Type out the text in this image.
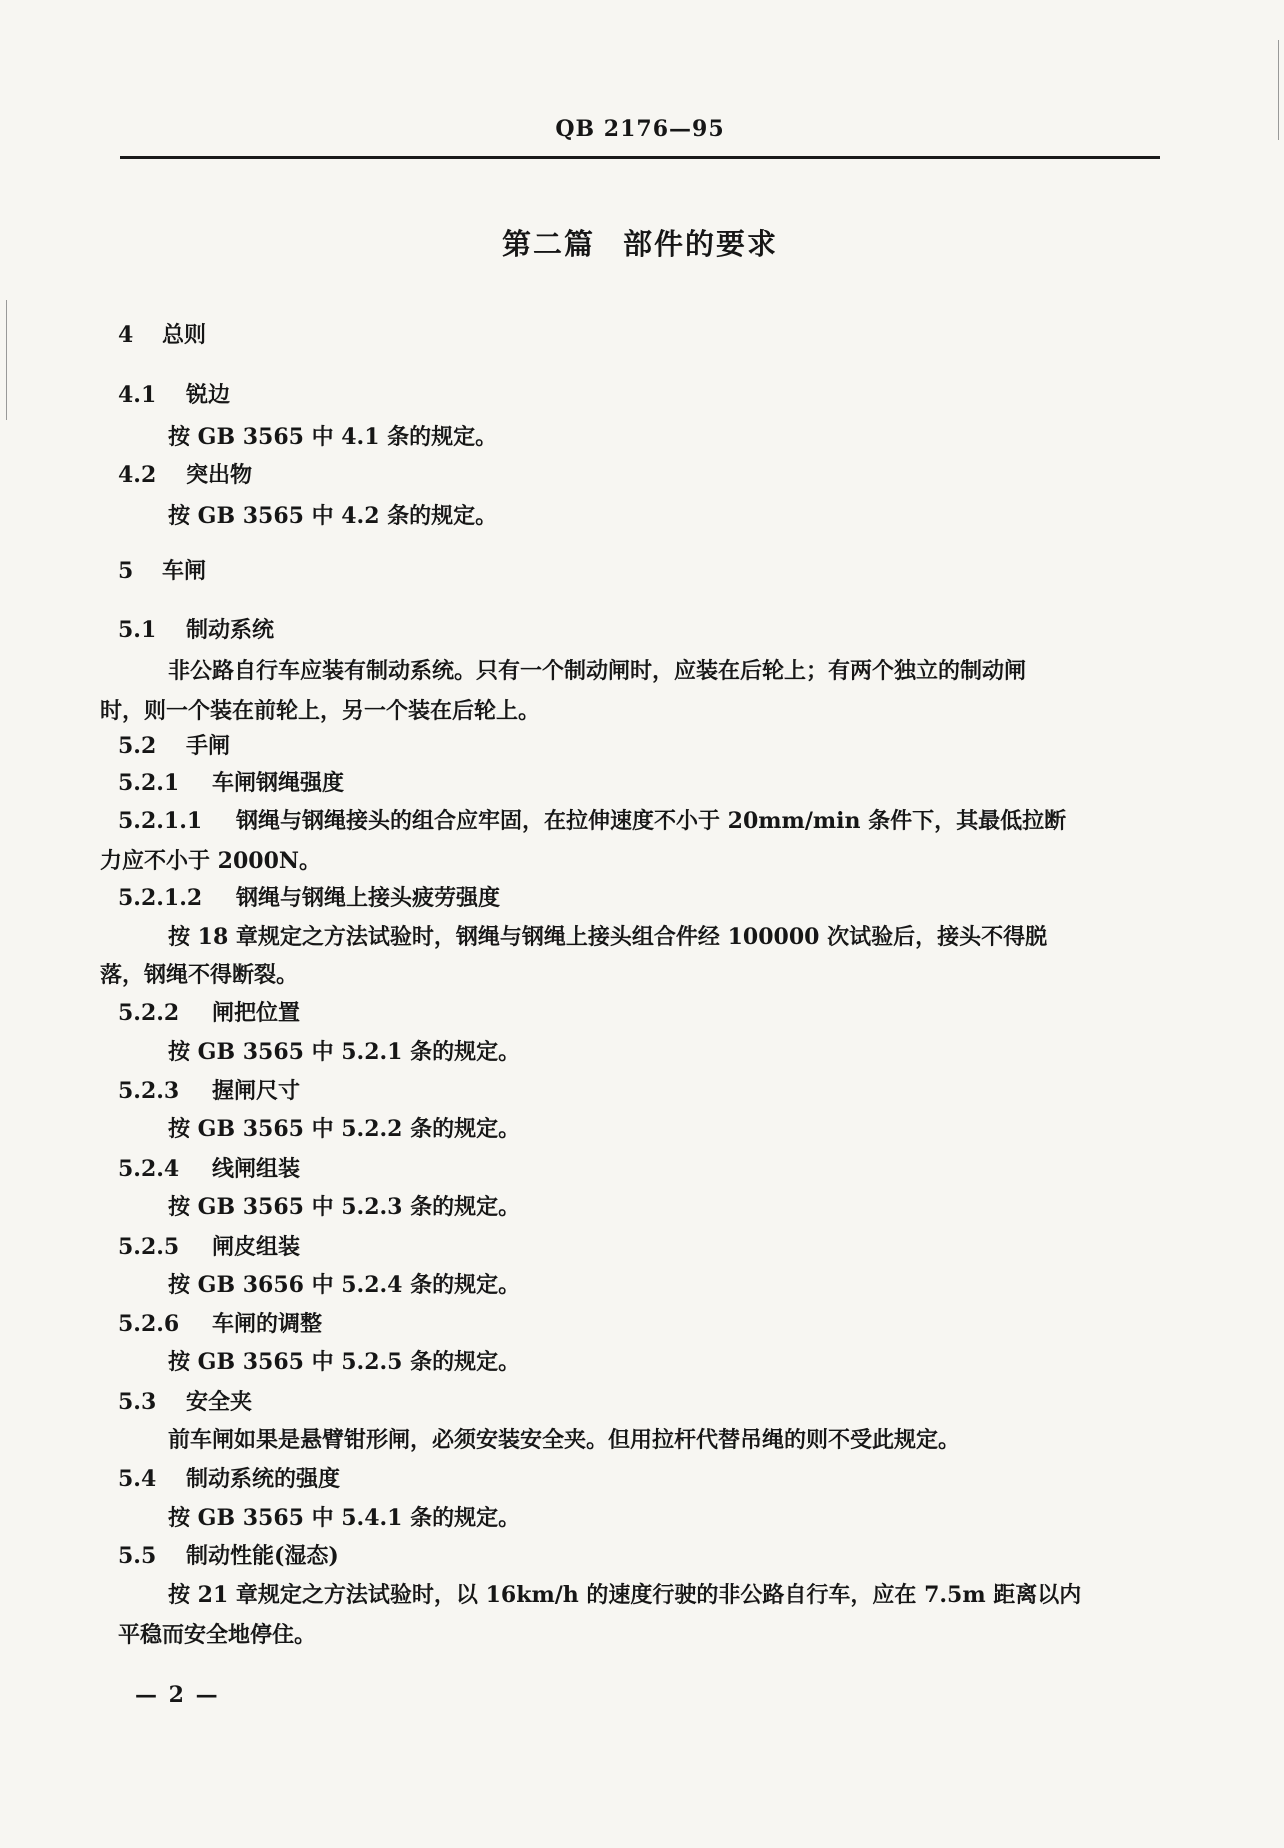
QB 2176—95
第二篇 部件的要求
4 总则
4.1 锐边
按 GB 3565 中 4.1 条的规定。
4.2 突出物
按 GB 3565 中 4.2 条的规定。
5 车闸
5.1 制动系统
非公路自行车应装有制动系统。只有一个制动闸时，应装在后轮上；有两个独立的制动闸
时，则一个装在前轮上，另一个装在后轮上。
5.2 手闸
5.2.1 车闸钢绳强度
5.2.1.1 钢绳与钢绳接头的组合应牢固，在拉伸速度不小于 20mm/min 条件下，其最低拉断
力应不小于 2000N。
5.2.1.2 钢绳与钢绳上接头疲劳强度
按 18 章规定之方法试验时，钢绳与钢绳上接头组合件经 100000 次试验后，接头不得脱
落，钢绳不得断裂。
5.2.2 闸把位置
按 GB 3565 中 5.2.1 条的规定。
5.2.3 握闸尺寸
按 GB 3565 中 5.2.2 条的规定。
5.2.4 线闸组装
按 GB 3565 中 5.2.3 条的规定。
5.2.5 闸皮组装
按 GB 3656 中 5.2.4 条的规定。
5.2.6 车闸的调整
按 GB 3565 中 5.2.5 条的规定。
5.3 安全夹
前车闸如果是悬臂钳形闸，必须安装安全夹。但用拉杆代替吊绳的则不受此规定。
5.4 制动系统的强度
按 GB 3565 中 5.4.1 条的规定。
5.5 制动性能(湿态)
按 21 章规定之方法试验时，以 16km/h 的速度行驶的非公路自行车，应在 7.5m 距离以内
平稳而安全地停住。
— 2 —
